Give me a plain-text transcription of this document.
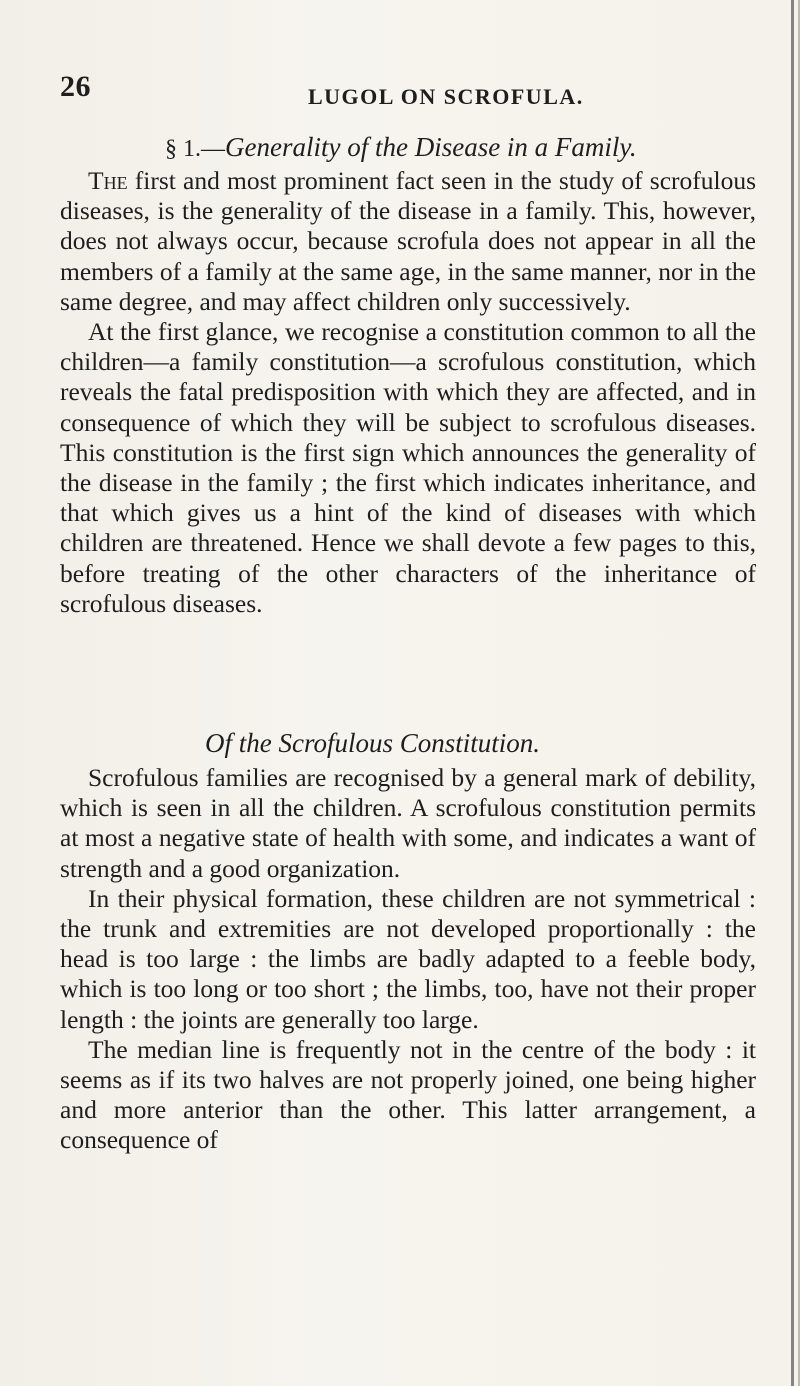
26	LUGOL ON SCROFULA.
§ 1.—Generality of the Disease in a Family.

The first and most prominent fact seen in the study of scrofulous diseases, is the generality of the disease in a family. This, however, does not always occur, because scrofula does not appear in all the members of a family at the same age, in the same manner, nor in the same degree, and may affect children only successively.

At the first glance, we recognise a constitution common to all the children—a family constitution—a scrofulous constitution, which reveals the fatal predisposition with which they are affected, and in consequence of which they will be subject to scrofulous diseases. This constitution is the first sign which announces the generality of the disease in the family ; the first which indicates inheritance, and that which gives us a hint of the kind of diseases with which children are threatened. Hence we shall devote a few pages to this, before treating of the other characters of the inheritance of scrofulous diseases.

Of the Scrofulous Constitution.

Scrofulous families are recognised by a general mark of debility, which is seen in all the children. A scrofulous constitution permits at most a negative state of health with some, and indicates a want of strength and a good organization.

In their physical formation, these children are not symmetrical : the trunk and extremities are not developed proportionally : the head is too large : the limbs are badly adapted to a feeble body, which is too long or too short ; the limbs, too, have not their proper length : the joints are generally too large.

The median line is frequently not in the centre of the body : it seems as if its two halves are not properly joined, one being higher and more anterior than the other. This latter arrangement, a consequence of
